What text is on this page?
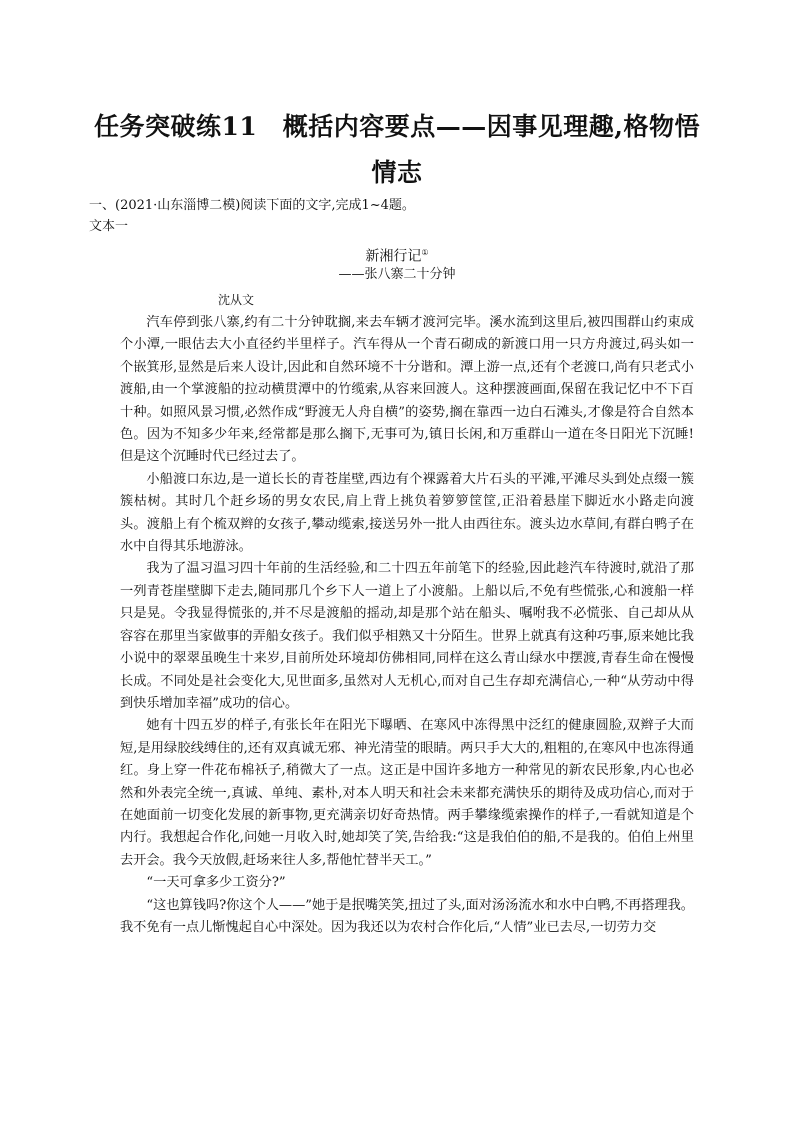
任务突破练11　概括内容要点——因事见理趣,格物悟情志
一、(2021·山东淄博二模)阅读下面的文字,完成1~4题。
文本一
新湘行记①
——张八寨二十分钟
沈从文

汽车停到张八寨,约有二十分钟耽搁,来去车辆才渡河完毕。溪水流到这里后,被四围群山约束成个小潭,一眼估去大小直径约半里样子。汽车得从一个青石砌成的新渡口用一只方舟渡过,码头如一个嵌箕形,显然是后来人设计,因此和自然环境不十分谐和。潭上游一点,还有个老渡口,尚有只老式小渡船,由一个掌渡船的拉动横贯潭中的竹缆索,从容来回渡人。这种摆渡画面,保留在我记忆中不下百十种。如照风景习惯,必然作成“野渡无人舟自横”的姿势,搁在靠西一边白石滩头,才像是符合自然本色。因为不知多少年来,经常都是那么搁下,无事可为,镇日长闲,和万重群山一道在冬日阳光下沉睡!但是这个沉睡时代已经过去了。

小船渡口东边,是一道长长的青苍崖壁,西边有个裸露着大片石头的平滩,平滩尽头到处点缀一簇簇枯树。其时几个赶乡场的男女农民,肩上背上挑负着箩箩筐筐,正沿着悬崖下脚近水小路走向渡头。渡船上有个梳双辫的女孩子,攀动缆索,接送另外一批人由西往东。渡头边水草间,有群白鸭子在水中自得其乐地游泳。

我为了温习温习四十年前的生活经验,和二十四五年前笔下的经验,因此趁汽车待渡时,就沿了那一列青苍崖壁脚下走去,随同那几个乡下人一道上了小渡船。上船以后,不免有些慌张,心和渡船一样只是晃。令我显得慌张的,并不尽是渡船的摇动,却是那个站在船头、嘱咐我不必慌张、自己却从从容容在那里当家做事的弄船女孩子。我们似乎相熟又十分陌生。世界上就真有这种巧事,原来她比我小说中的翠翠虽晚生十来岁,目前所处环境却仿佛相同,同样在这么青山绿水中摆渡,青春生命在慢慢长成。不同处是社会变化大,见世面多,虽然对人无机心,而对自己生存却充满信心,一种“从劳动中得到快乐增加幸福”成功的信心。

她有十四五岁的样子,有张长年在阳光下曝晒、在寒风中冻得黑中泛红的健康圆脸,双辫子大而短,是用绿胶线缚住的,还有双真诚无邪、神光清莹的眼睛。两只手大大的,粗粗的,在寒风中也冻得通红。身上穿一件花布棉袄子,稍微大了一点。这正是中国许多地方一种常见的新农民形象,内心也必然和外表完全统一,真诚、单纯、素朴,对本人明天和社会未来都充满快乐的期待及成功信心,而对于在她面前一切变化发展的新事物,更充满亲切好奇热情。两手攀缘缆索操作的样子,一看就知道是个内行。我想起合作化,问她一月收入时,她却笑了笑,告给我:“这是我伯伯的船,不是我的。伯伯上州里去开会。我今天放假,赶场来往人多,帮他忙替半天工。”

“一天可拿多少工资分?”

“这也算钱吗?你这个人——”她于是抿嘴笑笑,扭过了头,面对汤汤流水和水中白鸭,不再搭理我。我不免有一点儿惭愧起自心中深处。因为我还以为农村合作化后,“人情”业已去尽,一切劳力交
